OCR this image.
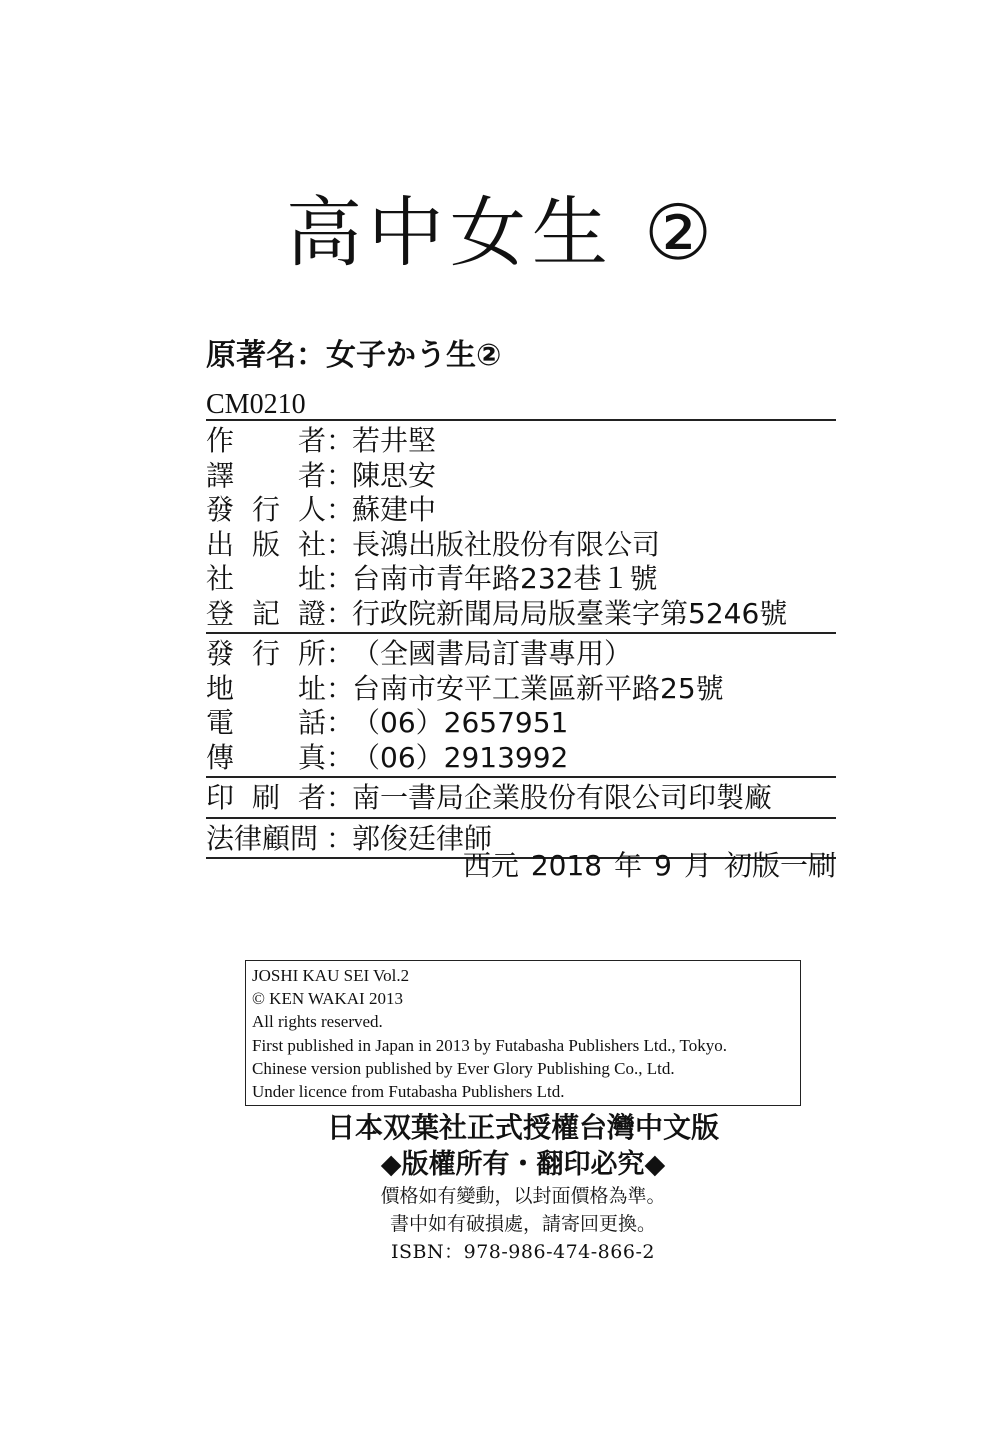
高中女生 ②
原著名：女子かう生②
CM0210
作 者 ：
若井堅
譯 者 ：
陳思安
發 行 人 ：
蘇建中
出 版 社 ：
長鴻出版社股份有限公司
社 址 ：
台南市青年路232巷１號
登 記 證 ：
行政院新聞局局版臺業字第5246號
發 行 所 ：
（全國書局訂書專用）
地 址 ：
台南市安平工業區新平路25號
電 話 ：
（06）2657951
傳 真 ：
（06）2913992
印 刷 者 ：
南一書局企業股份有限公司印製廠
法律顧問 ：
郭俊廷律師
西元 2018 年 9 月 初版一刷
JOSHI KAU SEI Vol.2
© KEN WAKAI 2013
All rights reserved.
First published in Japan in 2013 by Futabasha Publishers Ltd., Tokyo.
Chinese version published by Ever Glory Publishing Co., Ltd.
Under licence from Futabasha Publishers Ltd.
日本双葉社正式授權台灣中文版
◆版權所有・翻印必究◆
價格如有變動，以封面價格為準。
書中如有破損處，請寄回更換。
ISBN：978-986-474-866-2
